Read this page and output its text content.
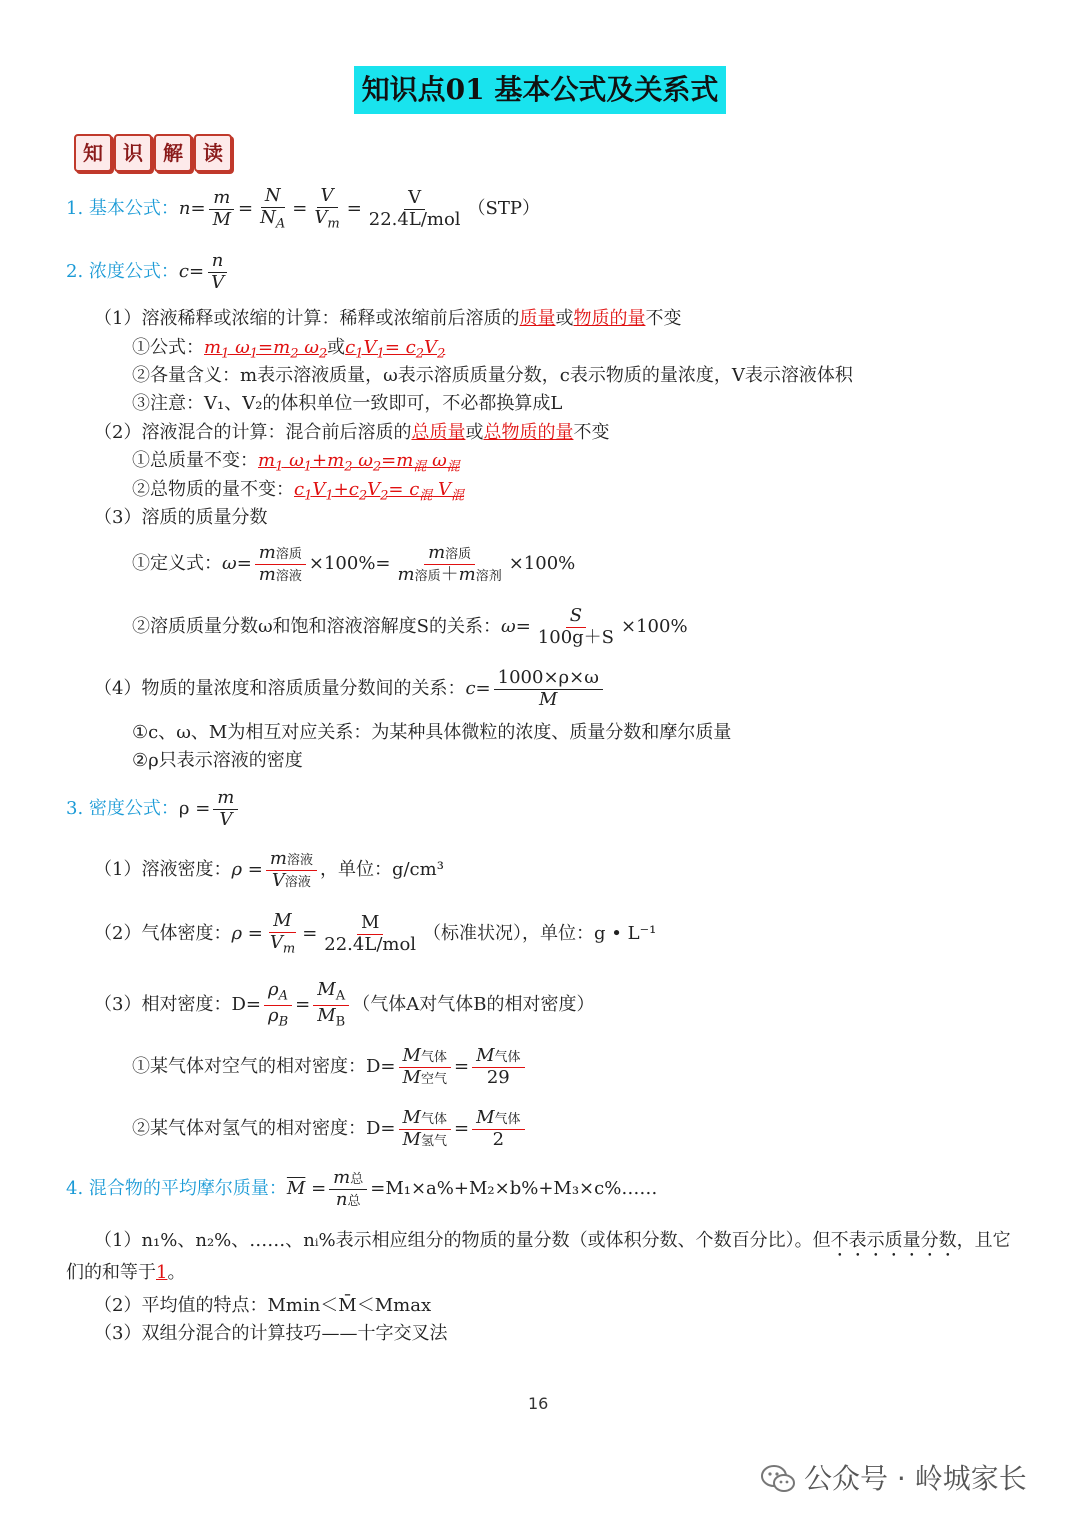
知识点01 基本公式及关系式
知	识	解	读
1. 基本公式：$n= \frac{m}{M} = \frac{N}{N_A} = \frac{V}{V_m} = \frac{V}{\text{22.4L/mol}} (STP)$
2. 浓度公式：$c= \frac{n}{V}$
（1）溶液稀释或浓缩的计算：稀释或浓缩前后溶质的质量或物质的量不变
①公式：$m_1$ $\omega_1=m_2$ $\omega_2$或$c_1V_1= c_2V_2$
②各量含义：m表示溶液质量，ω表示溶质质量分数，c表示物质的量浓度，V表示溶液体积
③注意：V₁、V₂的体积单位一致即可，不必都换算成L
（2）溶液混合的计算：混合前后溶质的总质量或总物质的量不变
①总质量不变：$m_1$ $\omega_1+m_2$ $\omega_2=m_混$ $\omega_混$
②总物质的量不变：$c_1V_1+c_2V_2= c_混$ $V_混$
（3）溶质的质量分数
①定义式：$\omega= \frac{\text{m溶质}}{\text{m溶液}} \times 100\%= \frac{\text{m溶质}}{\text{m溶质＋m溶剂}} \times 100\%$
②溶质质量分数ω和饱和溶液溶解度S的关系：$\omega= \frac{S}{100g+S} \times 100\%$
（4）物质的量浓度和溶质质量分数间的关系：$c= \frac{1000\times\rho\times\omega}{M}$
①c、ω、M为相互对应关系：为某种具体微粒的浓度、质量分数和摩尔质量
②ρ只表示溶液的密度
3. 密度公式：$\rho = \frac{m}{V}$
（1）溶液密度：$\rho = \frac{\text{m溶液}}{\text{V溶液}}$ ，单位：g/cm³
（2）气体密度：$\rho = \frac{M}{V_m} = \frac{M}{\text{22.4L/mol}}$ （标准状况），单位：g • L⁻¹
（3）相对密度：$D= \frac{\rho_A}{\rho_B} = \frac{M_A}{M_B}$ （气体A对气体B的相对密度）
①某气体对空气的相对密度：$D= \frac{\text{M气体}}{\text{M空气}} = \frac{\text{M气体}}{29}$
②某气体对氢气的相对密度：$D= \frac{\text{M气体}}{\text{M氢气}} = \frac{\text{M气体}}{2}$
4. 混合物的平均摩尔质量：$\overline{M} = \frac{\text{m总}}{\text{n总}}$ =M₁×a%+M₂×b%+M₃×c%……
（1）n₁%、n₂%、……、nᵢ%表示相应组分的物质的量分数（或体积分数、个数百分比）。但不表示质量分数，且它
们的和等于1。
（2）平均值的特点：Mmin＜M̄＜Mmax
（3）双组分混合的计算技巧——十字交叉法
16
公众号 · 岭城家长
